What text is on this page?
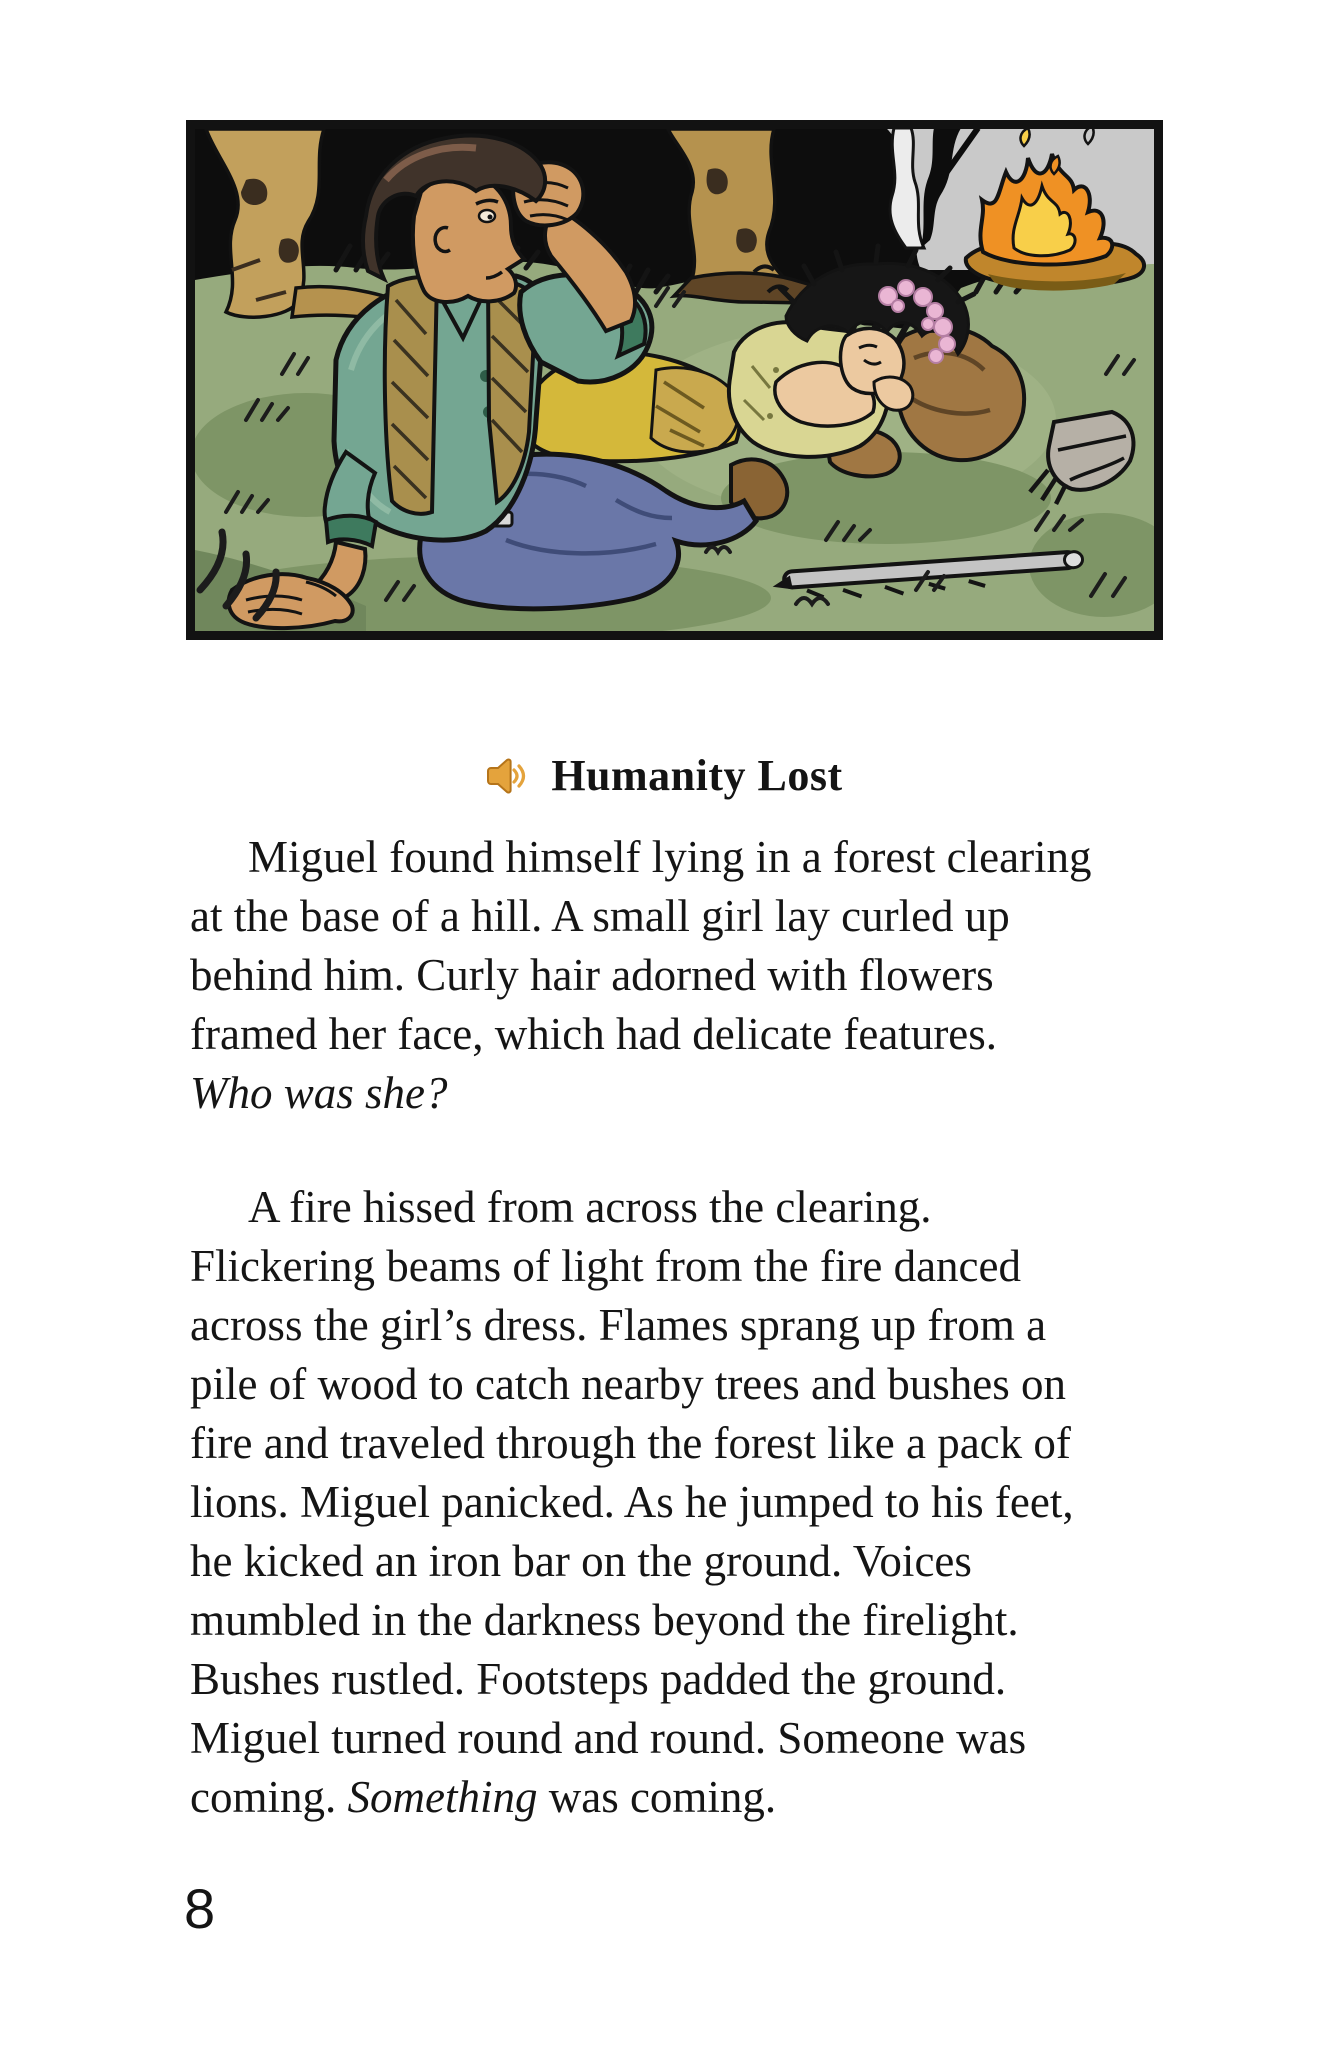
Humanity Lost
Miguel found himself lying in a forest clearing
at the base of a hill. A small girl lay curled up
behind him. Curly hair adorned with flowers
framed her face, which had delicate features.
Who was she?
A fire hissed from across the clearing.
Flickering beams of light from the fire danced
across the girl’s dress. Flames sprang up from a
pile of wood to catch nearby trees and bushes on
fire and traveled through the forest like a pack of
lions. Miguel panicked. As he jumped to his feet,
he kicked an iron bar on the ground. Voices
mumbled in the darkness beyond the firelight.
Bushes rustled. Footsteps padded the ground.
Miguel turned round and round. Someone was
coming. Something was coming.
8
